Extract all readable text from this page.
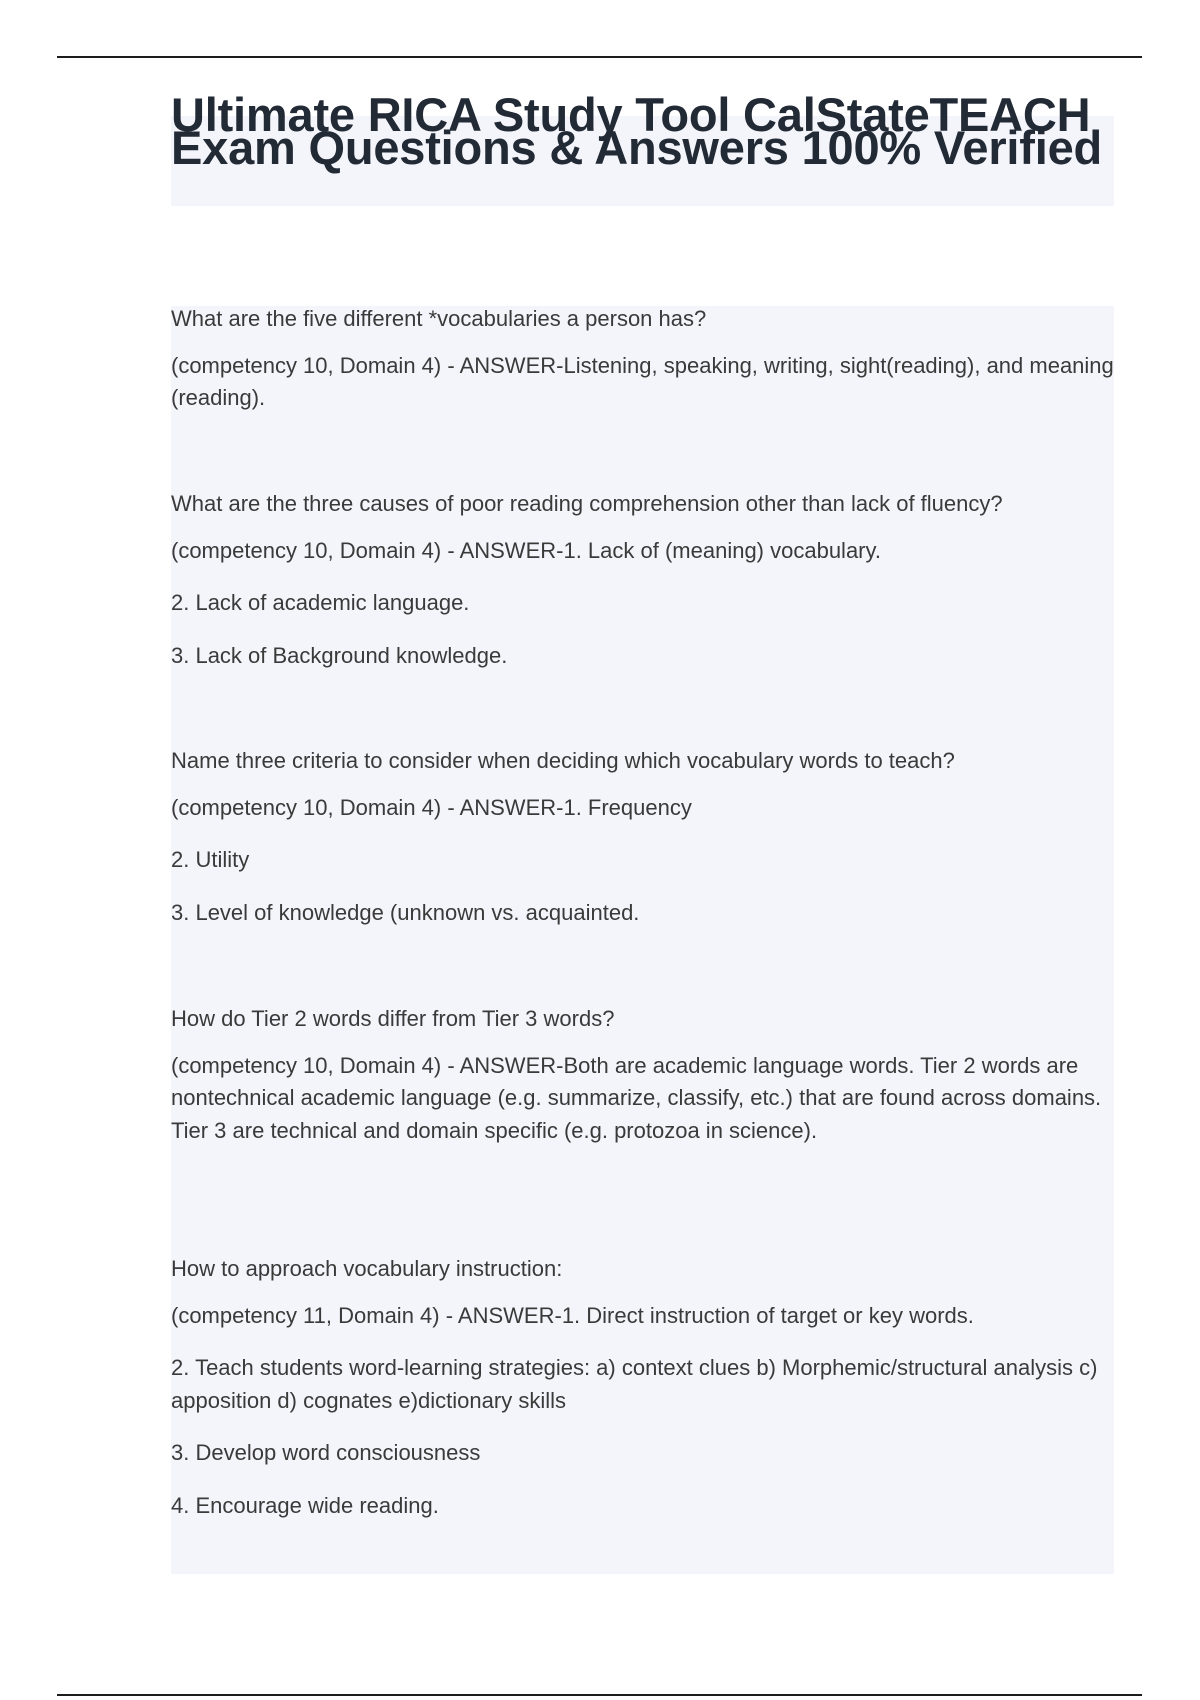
Ultimate RICA Study Tool CalStateTEACH Exam Questions & Answers 100% Verified

What are the five different *vocabularies a person has?

(competency 10, Domain 4) - ANSWER-Listening, speaking, writing, sight(reading), and meaning (reading).

What are the three causes of poor reading comprehension other than lack of fluency?

(competency 10, Domain 4) - ANSWER-1. Lack of (meaning) vocabulary.

2. Lack of academic language.

3. Lack of Background knowledge.

Name three criteria to consider when deciding which vocabulary words to teach?

(competency 10, Domain 4) - ANSWER-1. Frequency

2. Utility

3. Level of knowledge (unknown vs. acquainted.

How do Tier 2 words differ from Tier 3 words?

(competency 10, Domain 4) - ANSWER-Both are academic language words. Tier 2 words are nontechnical academic language (e.g. summarize, classify, etc.) that are found across domains. Tier 3 are technical and domain specific (e.g. protozoa in science).

How to approach vocabulary instruction:

(competency 11, Domain 4) - ANSWER-1. Direct instruction of target or key words.

2. Teach students word-learning strategies: a) context clues b) Morphemic/structural analysis c) apposition d) cognates e)dictionary skills

3. Develop word consciousness

4. Encourage wide reading.
